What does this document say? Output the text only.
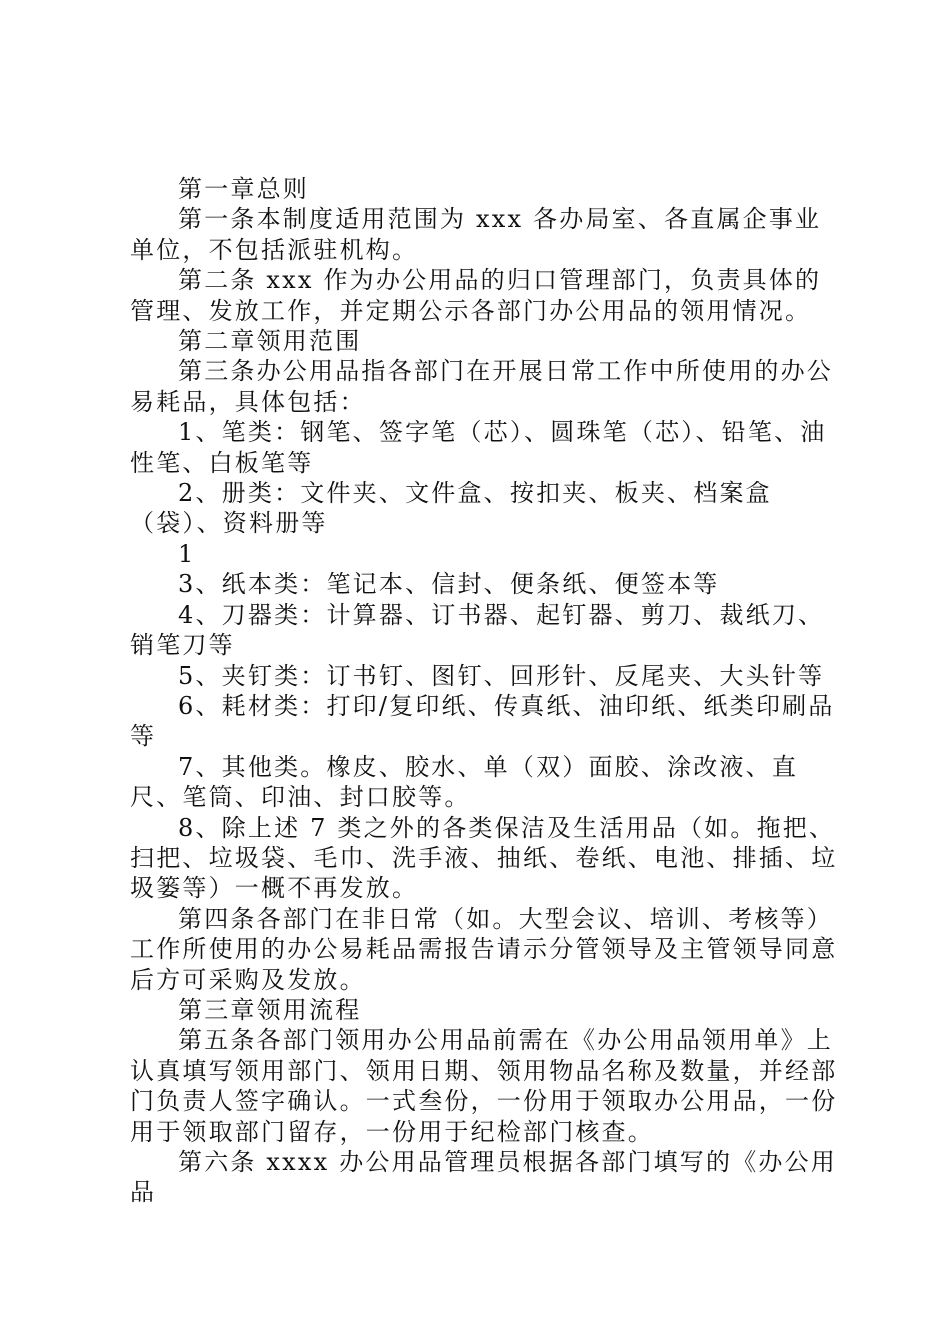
第一章总则

第一条本制度适用范围为 xxx 各办局室、各直属企事业单位，不包括派驻机构。

第二条 xxx 作为办公用品的归口管理部门，负责具体的管理、发放工作，并定期公示各部门办公用品的领用情况。

第二章领用范围

第三条办公用品指各部门在开展日常工作中所使用的办公易耗品，具体包括：

1、笔类：钢笔、签字笔（芯）、圆珠笔（芯）、铅笔、油性笔、白板笔等

2、册类：文件夹、文件盒、按扣夹、板夹、档案盒（袋）、资料册等

1

3、纸本类：笔记本、信封、便条纸、便签本等

4、刀器类：计算器、订书器、起钉器、剪刀、裁纸刀、销笔刀等

5、夹钉类：订书钉、图钉、回形针、反尾夹、大头针等

6、耗材类：打印/复印纸、传真纸、油印纸、纸类印刷品等

7、其他类。橡皮、胶水、单（双）面胶、涂改液、直尺、笔筒、印油、封口胶等。

8、除上述 7 类之外的各类保洁及生活用品（如。拖把、扫把、垃圾袋、毛巾、洗手液、抽纸、卷纸、电池、排插、垃圾篓等）一概不再发放。

第四条各部门在非日常（如。大型会议、培训、考核等）工作所使用的办公易耗品需报告请示分管领导及主管领导同意后方可采购及发放。

第三章领用流程

第五条各部门领用办公用品前需在《办公用品领用单》上认真填写领用部门、领用日期、领用物品名称及数量，并经部门负责人签字确认。一式叁份，一份用于领取办公用品，一份用于领取部门留存，一份用于纪检部门核查。

第六条 xxxx 办公用品管理员根据各部门填写的《办公用品
